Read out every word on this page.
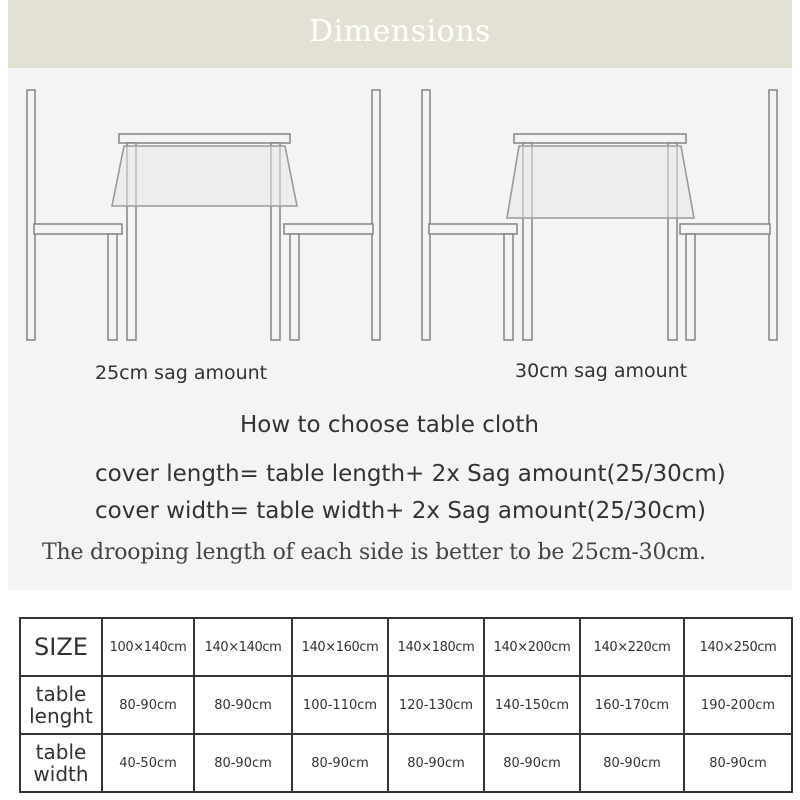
Dimensions
25cm sag amount	30cm sag amount
How to choose table cloth
cover length= table length+ 2x Sag amount(25/30cm)
cover width= table width+ 2x Sag amount(25/30cm)
The drooping length of each side is better to be 25cm-30cm.
SIZE	100×140cm	140×140cm	140×160cm	140×180cm	140×200cm	140×220cm	140×250cm
table lenght	80-90cm	80-90cm	100-110cm	120-130cm	140-150cm	160-170cm	190-200cm
table width	40-50cm	80-90cm	80-90cm	80-90cm	80-90cm	80-90cm	80-90cm
